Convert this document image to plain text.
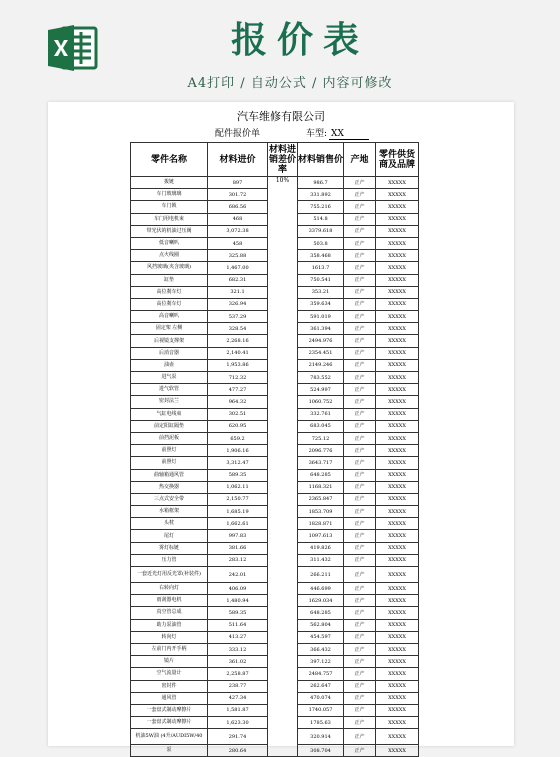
报价表
A4打印 / 自动公式 / 内容可修改
汽车维修有限公司
配件报价单	车型: XX
零件名称	材料进价	材料进销差价率	材料销售价	产地	零件供货商及品牌
拨链	897	10%	986.7	正产	XXXXX
车门玻璃璃	301.72		331.892	正产	XXXXX
车门锁	686.56		755.216	正产	XXXXX
车门用电机束	468		514.8	正产	XXXXX
带光伏的机油过压阀	3,072.38		3379.618	正产	XXXXX
低音喇叭	458		503.8	正产	XXXXX
点火线圈	325.88		358.468	正产	XXXXX
风挡玻璃(夹含玻璃)	1,467.00		1613.7	正产	XXXXX
缸垫	682.31		750.541	正产	XXXXX
高位刹车灯	321.1		353.21	正产	XXXXX
高位刹车灯	326.94		359.634	正产	XXXXX
高音喇叭	537.29		591.019	正产	XXXXX
固定架 左侧	328.54		361.394	正产	XXXXX
后视镜支撑架	2,268.16		2494.976	正产	XXXXX
后消音器	2,140.41		2354.451	正产	XXXXX
油壶	1,953.86		2149.246	正产	XXXXX
进气泵	712.32		783.552	正产	XXXXX
进气软管	477.27		524.997	正产	XXXXX
密封法兰	964.32		1060.752	正产	XXXXX
气缸电线束	302.51		332.761	正产	XXXXX
前定阳缸隔垫	620.95		683.045	正产	XXXXX
前挡泥板	659.2		725.12	正产	XXXXX
前照灯	1,906.16		2096.776	正产	XXXXX
前照灯	3,312.47		3643.717	正产	XXXXX
曲轴箱通风管	589.35		648.285	正产	XXXXX
热交换器	1,062.11		1168.321	正产	XXXXX
三点式安全带	2,150.77		2365.847	正产	XXXXX
水箱框架	1,685.19		1853.709	正产	XXXXX
头枕	1,662.61		1828.871	正产	XXXXX
尾灯	997.83		1097.613	正产	XXXXX
雾灯标链	381.66		419.826	正产	XXXXX
压力管	283.12		311.432	正产	XXXXX
一套近光灯用反光罩(补装件)	242.01		266.211	正产	XXXXX
右转向灯	406.09		446.699	正产	XXXXX
雨刮器电机	1,480.94		1629.034	正产	XXXXX
真空管总成	589.35		648.285	正产	XXXXX
助力泵油管	511.64		562.804	正产	XXXXX
转向灯	413.27		454.597	正产	XXXXX
左前门内开手柄	333.12		366.432	正产	XXXXX
镜片	361.02		397.122	正产	XXXXX
空气流量计	2,258.87		2484.757	正产	XXXXX
密封件	238.77		262.647	正产	XXXXX
通风管	427.34		470.074	正产	XXXXX
一套盘式制动摩擦片	1,581.87		1740.057	正产	XXXXX
一套盘式制动摩擦片	1,623.30		1785.63	正产	XXXXX
机油5W油 (4升/AUDI5W/40	291.74		320.914	正产	XXXXX
泵	280.64		308.704	正产	XXXXX
